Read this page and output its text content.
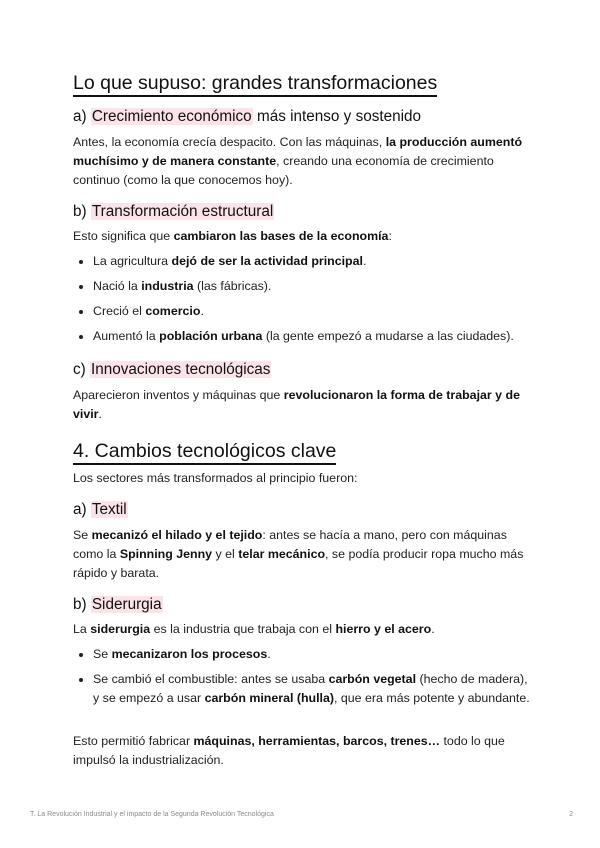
Lo que supuso: grandes transformaciones
a) Crecimiento económico más intenso y sostenido

Antes, la economía crecía despacito. Con las máquinas, la producción aumentó muchísimo y de manera constante, creando una economía de crecimiento continuo (como la que conocemos hoy).

b) Transformación estructural

Esto significa que cambiaron las bases de la economía:

La agricultura dejó de ser la actividad principal.
Nació la industria (las fábricas).
Creció el comercio.
Aumentó la población urbana (la gente empezó a mudarse a las ciudades).
c) Innovaciones tecnológicas

Aparecieron inventos y máquinas que revolucionaron la forma de trabajar y de vivir.

4. Cambios tecnológicos clave

Los sectores más transformados al principio fueron:

a) Textil

Se mecanizó el hilado y el tejido: antes se hacía a mano, pero con máquinas como la Spinning Jenny y el telar mecánico, se podía producir ropa mucho más rápido y barata.

b) Siderurgia

La siderurgia es la industria que trabaja con el hierro y el acero.

Se mecanizaron los procesos.
Se cambió el combustible: antes se usaba carbón vegetal (hecho de madera), y se empezó a usar carbón mineral (hulla), que era más potente y abundante.

Esto permitió fabricar máquinas, herramientas, barcos, trenes… todo lo que impulsó la industrialización.

T. La Revolución Industrial y el impacto de la Segunda Revolución Tecnológica	2
